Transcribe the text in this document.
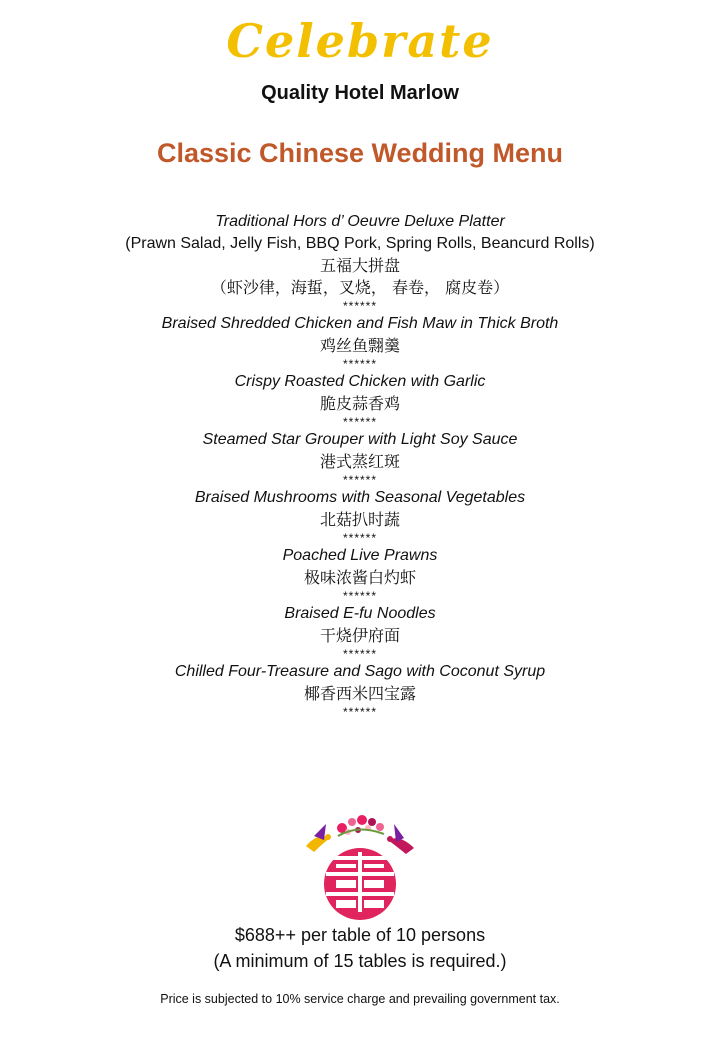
Celebrate
Quality Hotel Marlow
Classic Chinese Wedding Menu
Traditional Hors d’ Oeuvre Deluxe Platter
(Prawn Salad, Jelly Fish, BBQ Pork, Spring Rolls, Beancurd Rolls)
五福大拼盘
（虾沙律，海蜇，叉烧， 春卷， 腐皮卷）
******
Braised Shredded Chicken and Fish Maw in Thick Broth
鸡丝鱼翲羹
******
Crispy Roasted Chicken with Garlic
脆皮蒜香鸡
******
Steamed Star Grouper with Light Soy Sauce
港式蒸红斑
******
Braised Mushrooms with Seasonal Vegetables
北菇扒时蔬
******
Poached Live Prawns
极味浓酱白灼虾
******
Braised E-fu Noodles
干烧伊府面
******
Chilled Four-Treasure and Sago with Coconut Syrup
椰香西米四宝露
******
$688++ per table of 10 persons
(A minimum of 15 tables is required.)
Price is subjected to 10% service charge and prevailing government tax.
